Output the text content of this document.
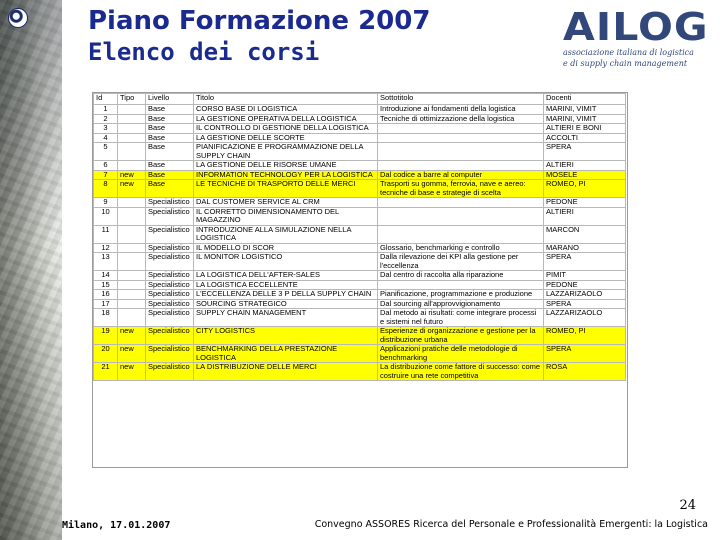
Piano Formazione 2007
Elenco dei corsi
AILOG
associazione italiana di logistica
e di supply chain management
Id	Tipo	Livello	Titolo	Sottotitolo	Docenti
1		Base	CORSO BASE DI LOGISTICA	Introduzione ai fondamenti della logistica	MARINI, VIMIT
2		Base	LA GESTIONE OPERATIVA DELLA LOGISTICA	Tecniche di ottimizzazione della logistica	MARINI, VIMIT
3		Base	IL CONTROLLO DI GESTIONE DELLA LOGISTICA		ALTIERI E BONI
4		Base	LA GESTIONE DELLE SCORTE		ACCOLTI
5		Base	PIANIFICAZIONE E PROGRAMMAZIONE DELLA SUPPLY CHAIN		SPERA
6		Base	LA GESTIONE DELLE RISORSE UMANE		ALTIERI
7	new	Base	INFORMATION TECHNOLOGY PER LA LOGISTICA	Dal codice a barre al computer	MOSELE
8	new	Base	LE TECNICHE DI TRASPORTO DELLE MERCI	Trasporti su gomma, ferrovia, nave e aereo: tecniche di base e strategie di scelta	ROMEO, PI
9		Specialistico	DAL CUSTOMER SERVICE AL CRM		PEDONE
10		Specialistico	IL CORRETTO DIMENSIONAMENTO DEL MAGAZZINO		ALTIERI
11		Specialistico	INTRODUZIONE ALLA SIMULAZIONE NELLA LOGISTICA		MARCON
12		Specialistico	IL MODELLO DI SCOR	Glossario, benchmarking e controllo	MARANO
13		Specialistico	IL MONITOR LOGISTICO	Dalla rilevazione dei KPI alla gestione per l'eccellenza	SPERA
14		Specialistico	LA LOGISTICA DELL'AFTER-SALES	Dal centro di raccolta alla riparazione	PIMIT
15		Specialistico	LA LOGISTICA ECCELLENTE		PEDONE
16		Specialistico	L'ECCELLENZA DELLE 3 P DELLA SUPPLY CHAIN	Pianificazione, programmazione e produzione	LAZZARIZAOLO
17		Specialistico	SOURCING STRATEGICO	Dal sourcing all'approvvigionamento	SPERA
18		Specialistico	SUPPLY CHAIN MANAGEMENT	Dal metodo ai risultati: come integrare processi e sistemi nel futuro	LAZZARIZAOLO
19	new	Specialistico	CITY LOGISTICS	Esperienze di organizzazione e gestione per la distribuzione urbana	ROMEO, PI
20	new	Specialistico	BENCHMARKING DELLA PRESTAZIONE LOGISTICA	Applicazioni pratiche delle metodologie di benchmarking	SPERA
21	new	Specialistico	LA DISTRIBUZIONE DELLE MERCI	La distribuzione come fattore di successo: come costruire una rete competitiva	ROSA
24
Milano, 17.01.2007	Convegno ASSORES Ricerca del Personale e Professionalità Emergenti: la Logistica
